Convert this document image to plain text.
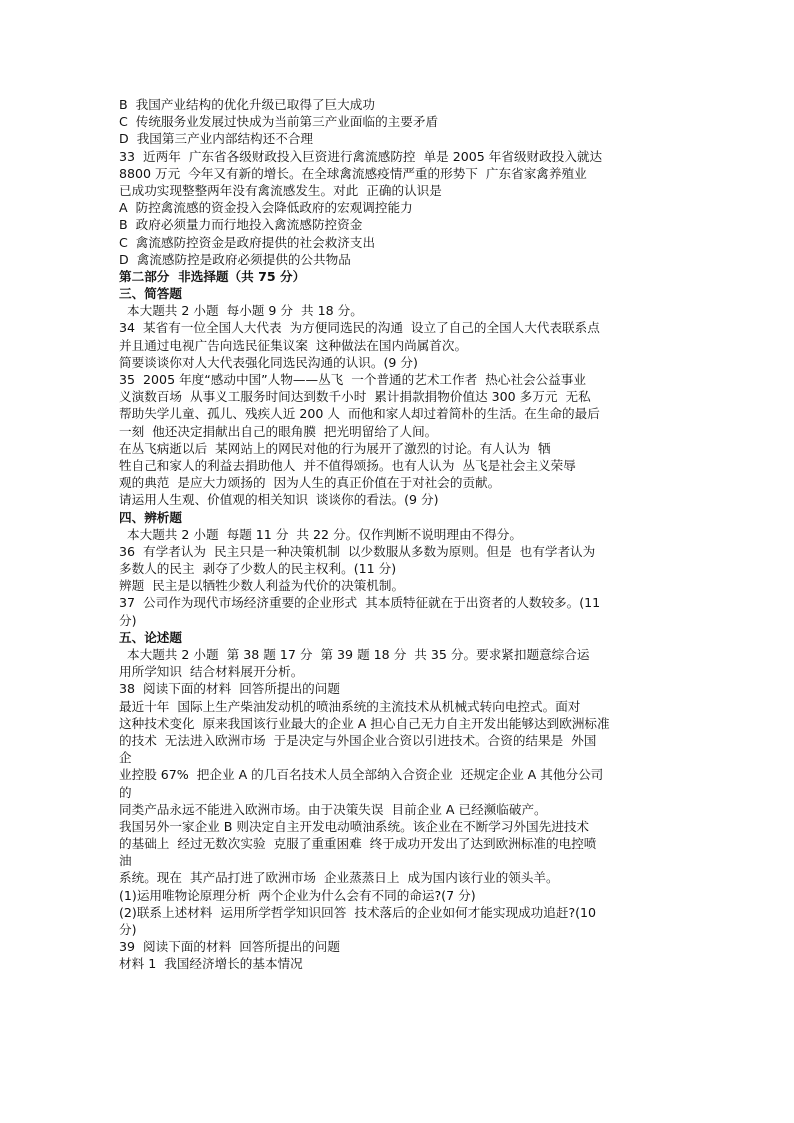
B  我国产业结构的优化升级已取得了巨大成功

C  传统服务业发展过快成为当前第三产业面临的主要矛盾

D  我国第三产业内部结构还不合理

33  近两年  广东省各级财政投入巨资进行禽流感防控  单是 2005 年省级财政投入就达

8800 万元  今年又有新的增长。在全球禽流感疫情严重的形势下  广东省家禽养殖业

已成功实现整整两年没有禽流感发生。对此  正确的认识是

A  防控禽流感的资金投入会降低政府的宏观调控能力

B  政府必须量力而行地投入禽流感防控资金

C  禽流感防控资金是政府提供的社会救济支出

D  禽流感防控是政府必须提供的公共物品

第二部分  非选择题（共 75 分）

三、简答题

本大题共 2 小题  每小题 9 分  共 18 分。

34  某省有一位全国人大代表  为方便同选民的沟通  设立了自己的全国人大代表联系点

并且通过电视广告向选民征集议案  这种做法在国内尚属首次。

简要谈谈你对人大代表强化同选民沟通的认识。(9 分)

35  2005 年度“感动中国”人物——丛飞  一个普通的艺术工作者  热心社会公益事业

义演数百场  从事义工服务时间达到数千小时  累计捐款捐物价值达 300 多万元  无私

帮助失学儿童、孤儿、残疾人近 200 人  而他和家人却过着简朴的生活。在生命的最后

一刻  他还决定捐献出自己的眼角膜  把光明留给了人间。

在丛飞病逝以后  某网站上的网民对他的行为展开了激烈的讨论。有人认为  牺

牲自己和家人的利益去捐助他人  并不值得颂扬。也有人认为  丛飞是社会主义荣辱

观的典范  是应大力颂扬的  因为人生的真正价值在于对社会的贡献。

请运用人生观、价值观的相关知识  谈谈你的看法。(9 分)

四、辨析题

本大题共 2 小题  每题 11 分  共 22 分。仅作判断不说明理由不得分。

36  有学者认为  民主只是一种决策机制  以少数服从多数为原则。但是  也有学者认为

多数人的民主  剥夺了少数人的民主权利。(11 分)

辨题  民主是以牺牲少数人利益为代价的决策机制。

37  公司作为现代市场经济重要的企业形式  其本质特征就在于出资者的人数较多。(11

分)

五、论述题

本大题共 2 小题  第 38 题 17 分  第 39 题 18 分  共 35 分。要求紧扣题意综合运

用所学知识  结合材料展开分析。

38  阅读下面的材料  回答所提出的问题

最近十年  国际上生产柴油发动机的喷油系统的主流技术从机械式转向电控式。面对

这种技术变化  原来我国该行业最大的企业 A 担心自己无力自主开发出能够达到欧洲标准

的技术  无法进入欧洲市场  于是决定与外国企业合资以引进技术。合资的结果是  外国

企

业控股 67%  把企业 A 的几百名技术人员全部纳入合资企业  还规定企业 A 其他分公司

的

同类产品永远不能进入欧洲市场。由于决策失误  目前企业 A 已经濒临破产。

我国另外一家企业 B 则决定自主开发电动喷油系统。该企业在不断学习外国先进技术

的基础上  经过无数次实验  克服了重重困难  终于成功开发出了达到欧洲标准的电控喷

油

系统。现在  其产品打进了欧洲市场  企业蒸蒸日上  成为国内该行业的领头羊。

(1)运用唯物论原理分析  两个企业为什么会有不同的命运?(7 分)

(2)联系上述材料  运用所学哲学知识回答  技术落后的企业如何才能实现成功追赶?(10

分)

39  阅读下面的材料  回答所提出的问题

材料 1  我国经济增长的基本情况
